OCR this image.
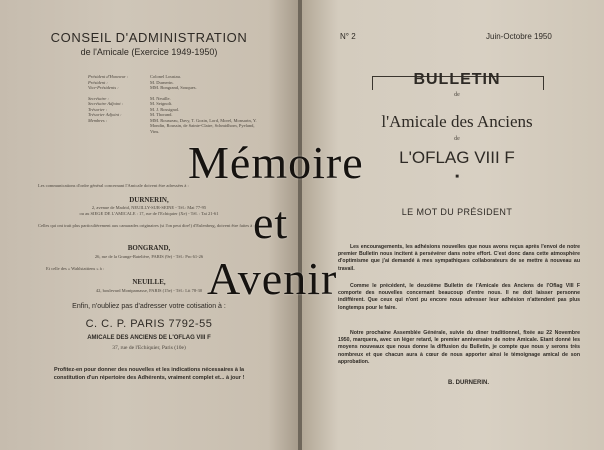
CONSEIL D'ADMINISTRATION
de l'Amicale (Exercice 1949-1950)
Président d'Honneur :	Colonel Loustau.
Président :	M. Durnerin.
Vice-Présidents :	MM. Bongrand, Souques.
Secrétaire :	M. Neuille.
Secrétaire Adjoint :	M. Seignolt.
Trésorier :	M. J. Rossignol.
Trésorier Adjoint :	M. Thorand.
Membres :	MM. Rousseau, Davy, T. Gozin, Lord, Morel, Monsarin, Y. Mondin, Roussin, de Sainte-Claire, Schmidhorn, Pyeland, Vins.
Les communications d'ordre général concernant l'Amicale doivent être adressées à :
DURNERIN,
2, avenue de Madrid, NEUILLY-SUR-SEINE - Tél.: Mai 77-95
ou au SIEGE DE L'AMICALE : 17, rue de l'Echiquier (Xe) - Tél. : Tai 21-61
Celles qui ont trait plus particulièrement aux camarades originaires (si l'on peut dire!) d'Eulenberg, doivent être faites à :
BONGRAND,
26, rue de la Grange-Batelière, PARIS (9e) - Tél.: Pro 61-26
Et celle des « Wahlstattiens » à :
NEUILLE,
42, boulevard Montparnasse, PARIS (15e) - Tél.: Lit 78-30
Enfin, n'oubliez pas d'adresser votre cotisation à :
C. C. P. PARIS 7792-55
AMICALE DES ANCIENS DE L'OFLAG VIII F
37, rue de l'Echiquier, Paris (10e)
Profitez-en pour donner des nouvelles et les indications nécessaires à la constitution d'un répertoire des Adhérents, vraiment complet et... à jour !
N° 2	Juin-Octobre 1950
BULLETIN
de
l'Amicale des Anciens
de
L'OFLAG VIII F
■
LE MOT DU PRÉSIDENT
Les encouragements, les adhésions nouvelles que nous avons reçus après l'envoi de notre premier Bulletin nous incitent à persévérer dans notre effort. C'est donc dans cette atmosphère d'optimisme que j'ai demandé à mes sympathiques collaborateurs de se mettre à nouveau au travail.
Comme le précédent, le deuxième Bulletin de l'Amicale des Anciens de l'Oflag VIII F comporte des nouvelles concernant beaucoup d'entre nous. Il ne doit laisser personne indifférent. Que ceux qui n'ont pu encore nous adresser leur adhésion n'attendent pas plus longtemps pour le faire.
Notre prochaine Assemblée Générale, suivie du diner traditionnel, fixée au 22 Novembre 1950, marquera, avec un léger retard, le premier anniversaire de notre Amicale. Etant donné les moyens nouveaux que nous donne la diffusion du Bulletin, je compte que nous y serons très nombreux et que chacun aura à cœur de nous apporter ainsi le témoignage amical de son approbation.
B. DURNERIN.
Mémoire
et
Avenir
